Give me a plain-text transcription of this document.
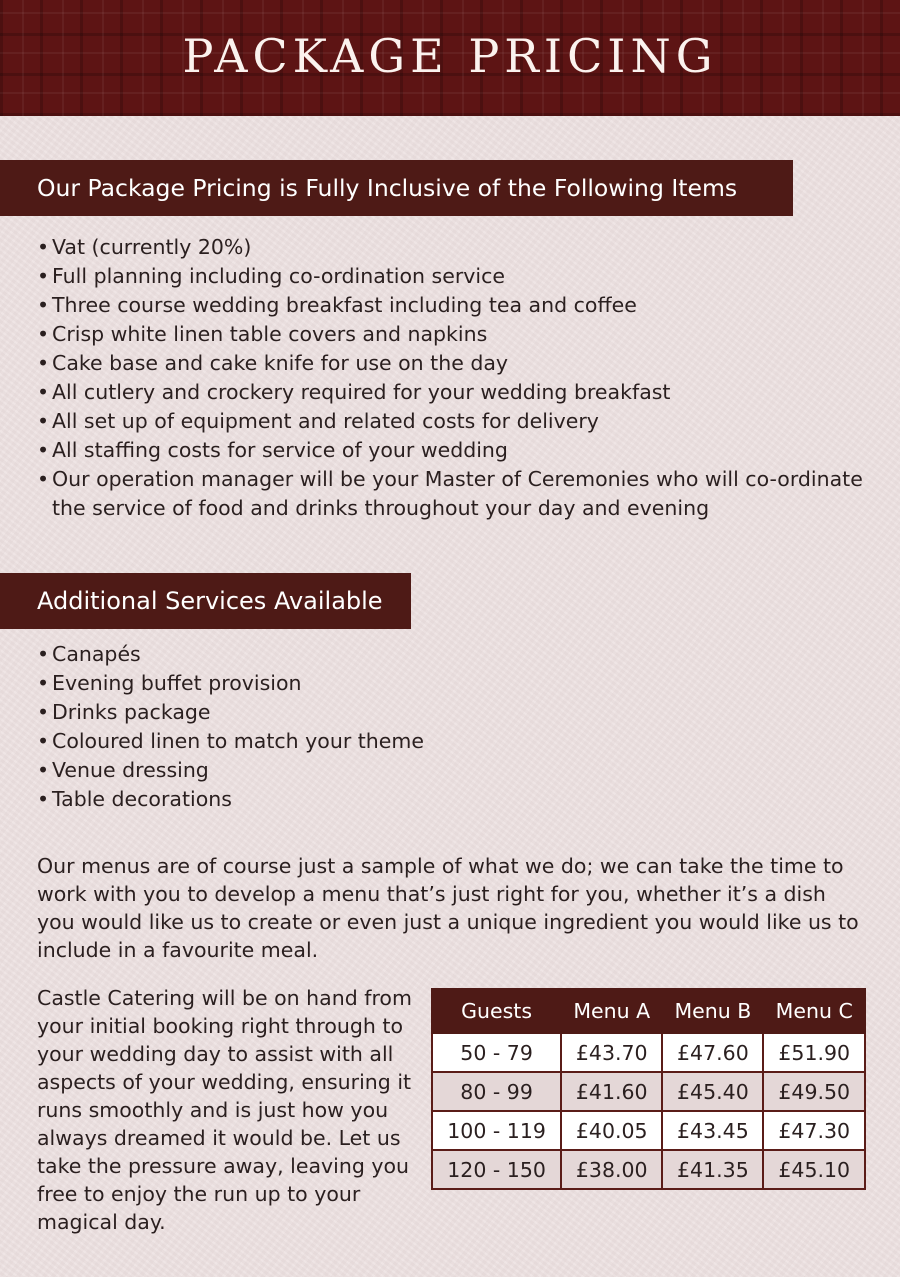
PACKAGE PRICING
Our Package Pricing is Fully Inclusive of the Following Items
• Vat (currently 20%)
• Full planning including co-ordination service
• Three course wedding breakfast including tea and coffee
• Crisp white linen table covers and napkins
• Cake base and cake knife for use on the day
• All cutlery and crockery required for your wedding breakfast
• All set up of equipment and related costs for delivery
• All staffing costs for service of your wedding
• Our operation manager will be your Master of Ceremonies who will co-ordinate the service of food and drinks throughout your day and evening
Additional Services Available
• Canapés
• Evening buffet provision
• Drinks package
• Coloured linen to match your theme
• Venue dressing
• Table decorations

Our menus are of course just a sample of what we do; we can take the time to work with you to develop a menu that’s just right for you, whether it’s a dish you would like us to create or even just a unique ingredient you would like us to include in a favourite meal.

Castle Catering will be on hand from your initial booking right through to your wedding day to assist with all aspects of your wedding, ensuring it runs smoothly and is just how you always dreamed it would be. Let us take the pressure away, leaving you free to enjoy the run up to your magical day.

Guests	Menu A	Menu B	Menu C
50 - 79	£43.70	£47.60	£51.90
80 - 99	£41.60	£45.40	£49.50
100 - 119	£40.05	£43.45	£47.30
120 - 150	£38.00	£41.35	£45.10
